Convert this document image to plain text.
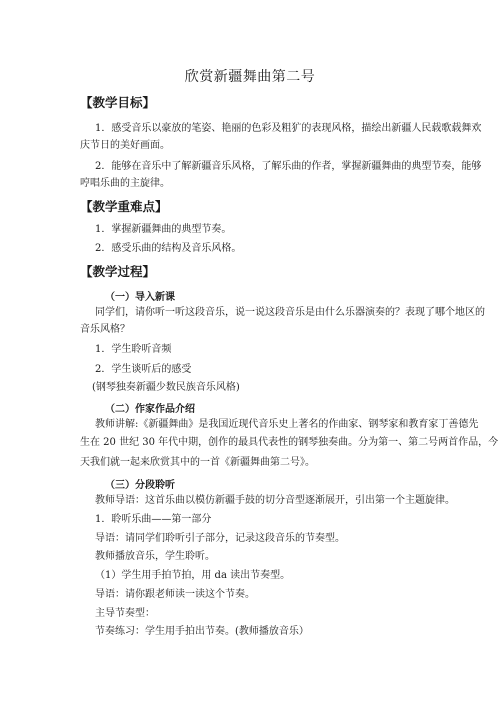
欣赏新疆舞曲第二号
【教学目标】
1．感受音乐以豪放的笔姿、艳丽的色彩及粗犷的表现风格，描绘出新疆人民载歌载舞欢
庆节日的美好画面。
2．能够在音乐中了解新疆音乐风格，了解乐曲的作者，掌握新疆舞曲的典型节奏，能够
哼唱乐曲的主旋律。
【教学重难点】
1．掌握新疆舞曲的典型节奏。
2．感受乐曲的结构及音乐风格。
【教学过程】
（一）导入新课
同学们，请你听一听这段音乐，说一说这段音乐是由什么乐器演奏的？表现了哪个地区的
音乐风格？
1．学生聆听音频
2．学生谈听后的感受
(钢琴独奏新疆少数民族音乐风格)
（二）作家作品介绍
教师讲解:《新疆舞曲》是我国近现代音乐史上著名的作曲家、钢琴家和教育家丁善德先
生在 20 世纪 30 年代中期，创作的最具代表性的钢琴独奏曲。分为第一、第二号两首作品，今
天我们就一起来欣赏其中的一首《新疆舞曲第二号》。
（三）分段聆听
教师导语：这首乐曲以模仿新疆手鼓的切分音型逐渐展开，引出第一个主题旋律。
1．聆听乐曲——第一部分
导语：请同学们聆听引子部分，记录这段音乐的节奏型。
教师播放音乐，学生聆听。
（1）学生用手拍节拍，用 da 读出节奏型。
导语：请你跟老师读一读这个节奏。
主导节奏型：
节奏练习：学生用手拍出节奏。(教师播放音乐）
